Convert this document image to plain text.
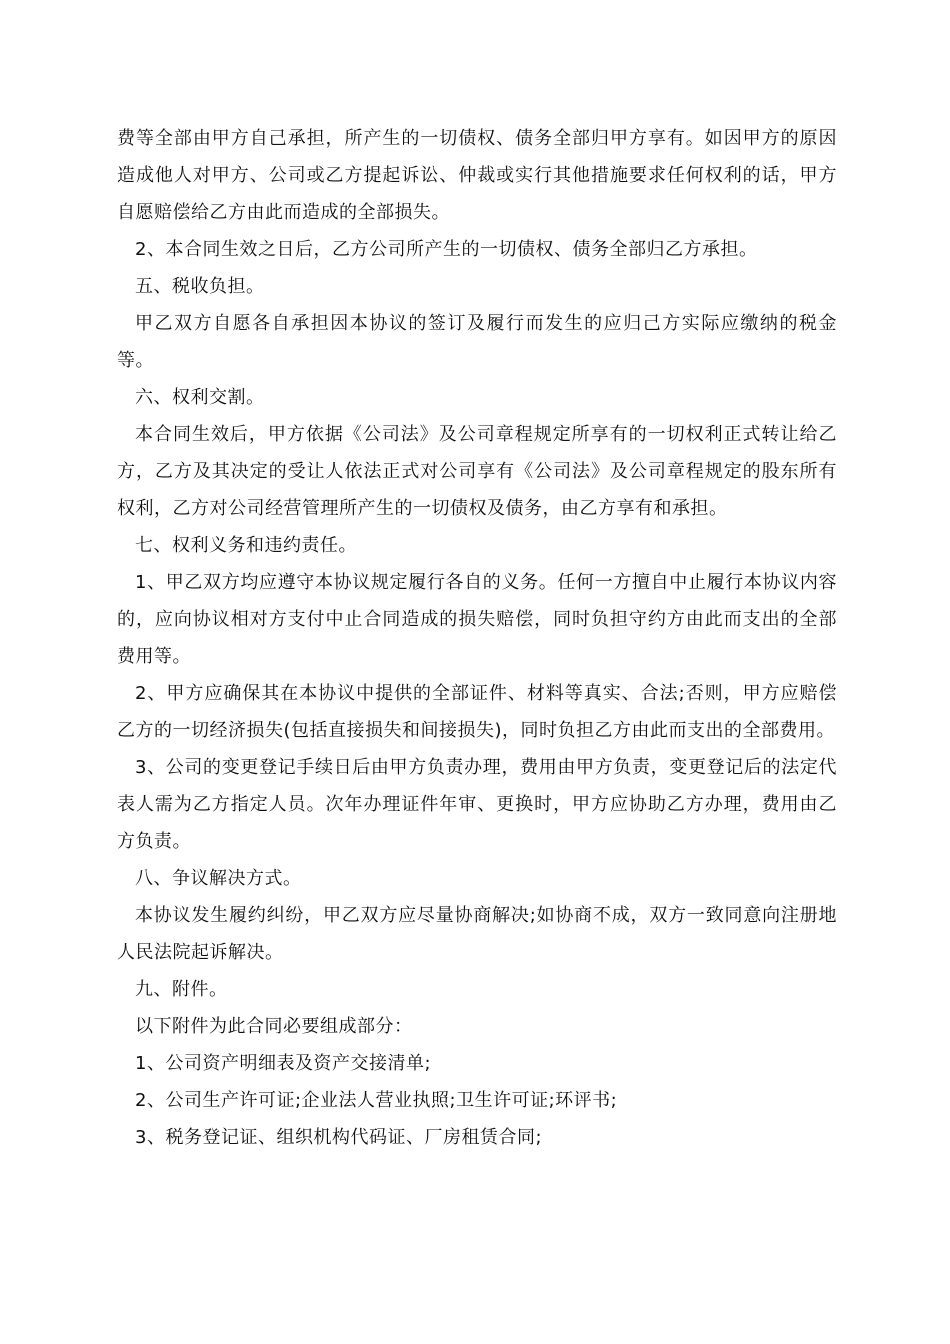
费等全部由甲方自己承担，所产生的一切债权、债务全部归甲方享有。如因甲方的原因造成他人对甲方、公司或乙方提起诉讼、仲裁或实行其他措施要求任何权利的话，甲方自愿赔偿给乙方由此而造成的全部损失。

2、本合同生效之日后，乙方公司所产生的一切债权、债务全部归乙方承担。

五、税收负担。

甲乙双方自愿各自承担因本协议的签订及履行而发生的应归己方实际应缴纳的税金等。

六、权利交割。

本合同生效后，甲方依据《公司法》及公司章程规定所享有的一切权利正式转让给乙方，乙方及其决定的受让人依法正式对公司享有《公司法》及公司章程规定的股东所有权利，乙方对公司经营管理所产生的一切债权及债务，由乙方享有和承担。

七、权利义务和违约责任。

1、甲乙双方均应遵守本协议规定履行各自的义务。任何一方擅自中止履行本协议内容的，应向协议相对方支付中止合同造成的损失赔偿，同时负担守约方由此而支出的全部费用等。

2、甲方应确保其在本协议中提供的全部证件、材料等真实、合法;否则，甲方应赔偿乙方的一切经济损失(包括直接损失和间接损失)，同时负担乙方由此而支出的全部费用。

3、公司的变更登记手续日后由甲方负责办理，费用由甲方负责，变更登记后的法定代表人需为乙方指定人员。次年办理证件年审、更换时，甲方应协助乙方办理，费用由乙方负责。

八、争议解决方式。

本协议发生履约纠纷，甲乙双方应尽量协商解决;如协商不成，双方一致同意向注册地人民法院起诉解决。

九、附件。

以下附件为此合同必要组成部分：

1、公司资产明细表及资产交接清单;

2、公司生产许可证;企业法人营业执照;卫生许可证;环评书;

3、税务登记证、组织机构代码证、厂房租赁合同;
